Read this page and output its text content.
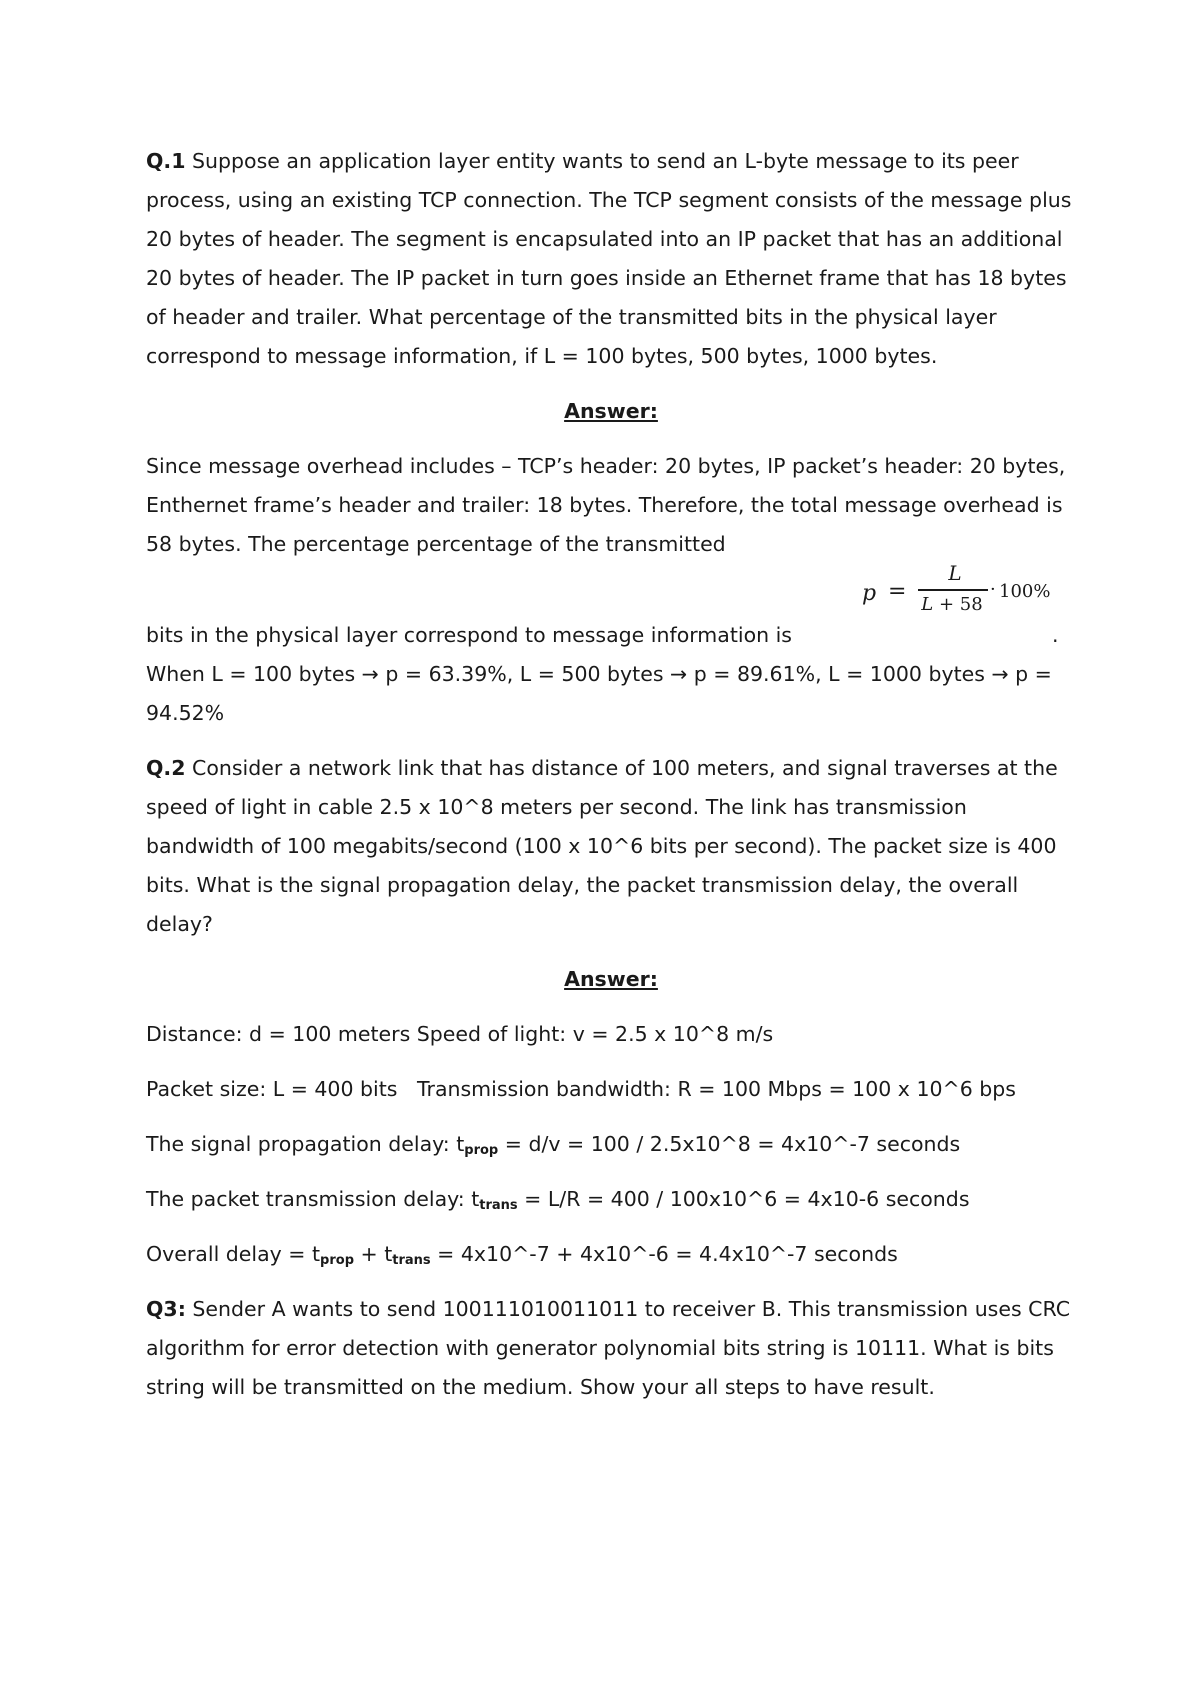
Q.1 Suppose an application layer entity wants to send an L-byte message to its peer process, using an existing TCP connection. The TCP segment consists of the message plus 20 bytes of header. The segment is encapsulated into an IP packet that has an additional 20 bytes of header. The IP packet in turn goes inside an Ethernet frame that has 18 bytes of header and trailer. What percentage of the transmitted bits in the physical layer correspond to message information, if L = 100 bytes, 500 bytes, 1000 bytes.

Answer:

Since message overhead includes – TCP’s header: 20 bytes, IP packet’s header: 20 bytes, Enthernet frame’s header and trailer: 18 bytes. Therefore, the total message overhead is 58 bytes. The percentage percentage of the transmitted

bits in the physical layer correspond to message information is
p =
L
L + 58
· 100%
.

When L = 100 bytes → p = 63.39%, L = 500 bytes → p = 89.61%, L = 1000 bytes → p = 94.52%

Q.2 Consider a network link that has distance of 100 meters, and signal traverses at the speed of light in cable 2.5 x 10^8 meters per second. The link has transmission bandwidth of 100 megabits/second (100 x 10^6 bits per second). The packet size is 400 bits. What is the signal propagation delay, the packet transmission delay, the overall delay?

Answer:

Distance: d = 100 meters Speed of light: v = 2.5 x 10^8 m/s

Packet size: L = 400 bits   Transmission bandwidth: R = 100 Mbps = 100 x 10^6 bps

The signal propagation delay: $t_{prop} = d/v = 100$ / 2.5x10^8 = 4x10^-7 seconds

The packet transmission delay: $t_{trans} = L/R = 400$ / 100x10^6 = 4x10-6 seconds

Overall delay = $t_{prop} + t_{trans}$ = 4x10^-7 + 4x10^-6 = 4.4x10^-7 seconds

Q3: Sender A wants to send 100111010011011 to receiver B. This transmission uses CRC algorithm for error detection with generator polynomial bits string is 10111. What is bits string will be transmitted on the medium. Show your all steps to have result.
